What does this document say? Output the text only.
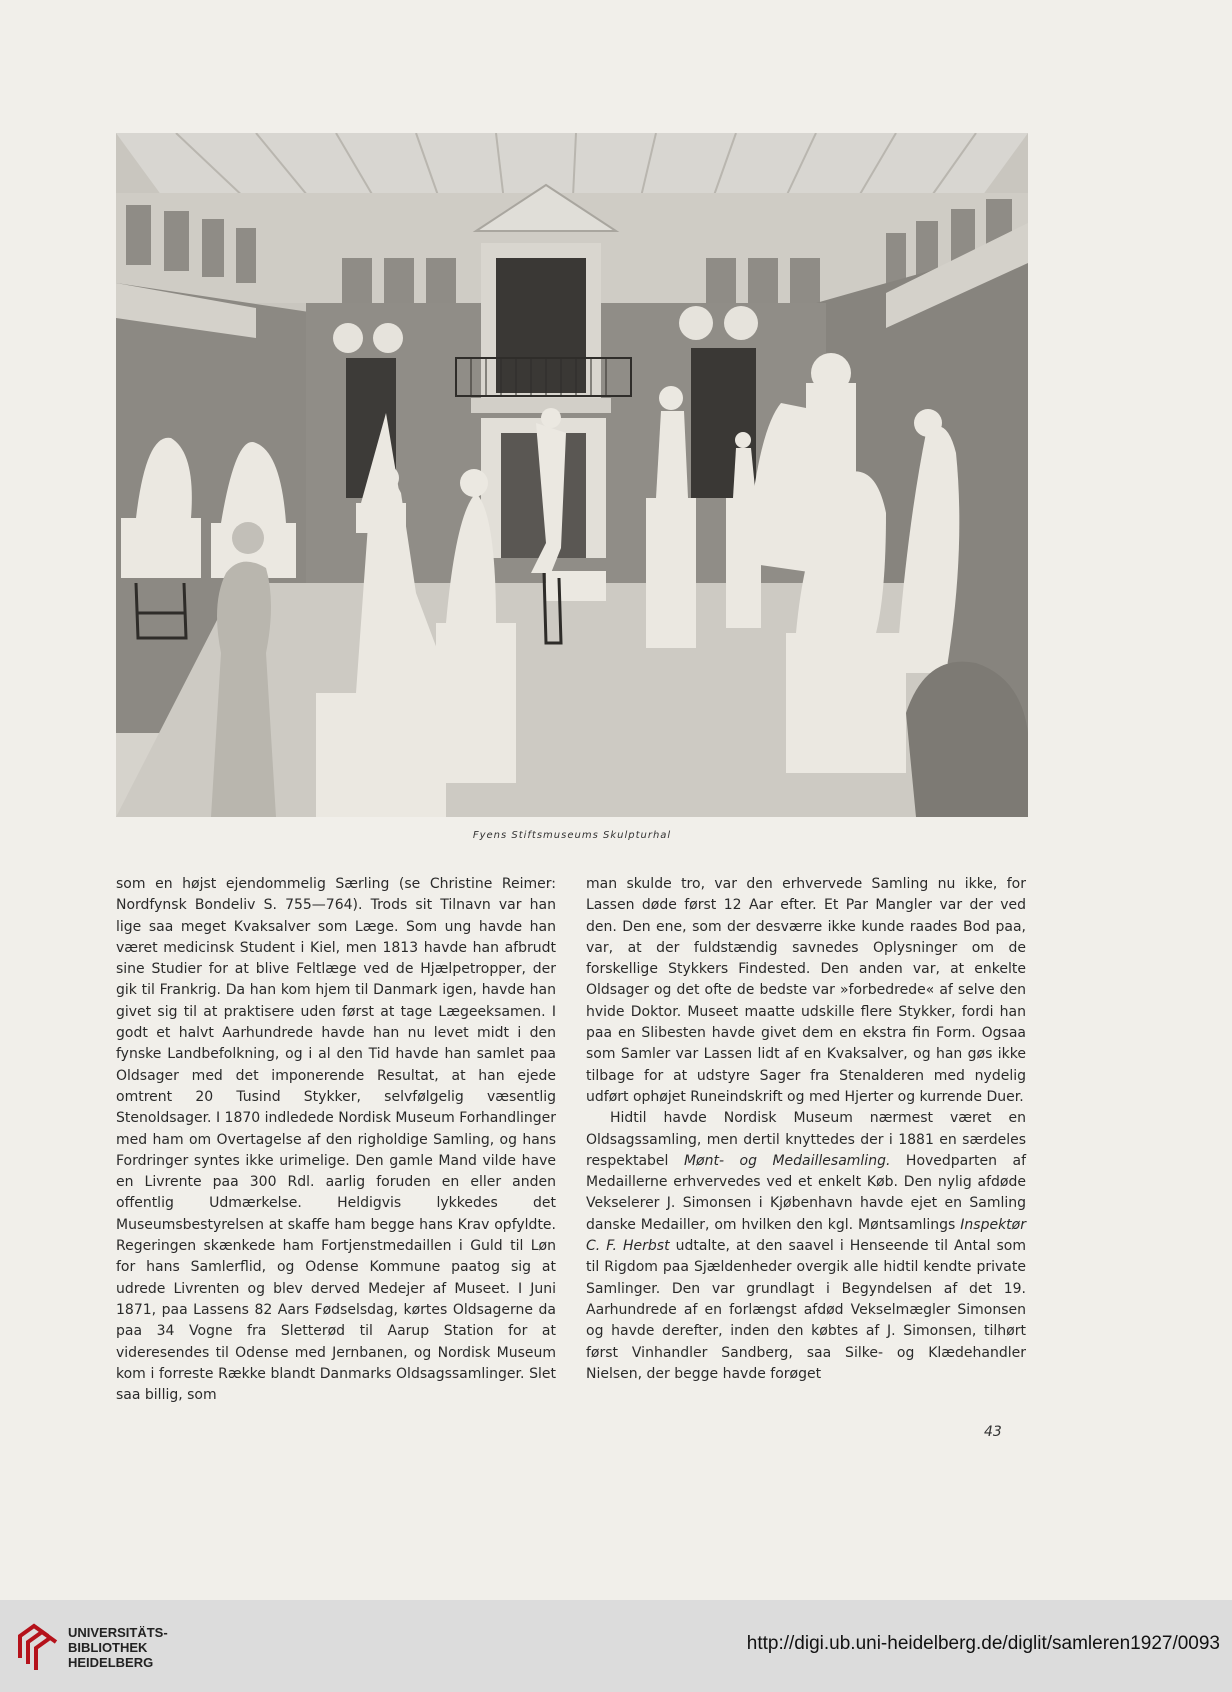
Fyens Stiftsmuseums Skulpturhal

som en højst ejendommelig Særling (se Christine Reimer: Nordfynsk Bondeliv S. 755—764). Trods sit Tilnavn var han lige saa meget Kvaksalver som Læge. Som ung havde han været medicinsk Student i Kiel, men 1813 havde han afbrudt sine Studier for at blive Feltlæge ved de Hjælpetropper, der gik til Frankrig. Da han kom hjem til Danmark igen, havde han givet sig til at praktisere uden først at tage Lægeeksamen. I godt et halvt Aarhundrede havde han nu levet midt i den fynske Landbefolkning, og i al den Tid havde han samlet paa Oldsager med det imponerende Resultat, at han ejede omtrent 20 Tusind Stykker, selvfølgelig væsentlig Stenoldsager. I 1870 indledede Nordisk Museum Forhandlinger med ham om Overtagelse af den righoldige Samling, og hans Fordringer syntes ikke urimelige. Den gamle Mand vilde have en Livrente paa 300 Rdl. aarlig foruden en eller anden offentlig Udmærkelse. Heldigvis lykkedes det Museumsbestyrelsen at skaffe ham begge hans Krav opfyldte. Regeringen skænkede ham Fortjenstmedaillen i Guld til Løn for hans Samlerflid, og Odense Kommune paatog sig at udrede Livrenten og blev derved Medejer af Museet. I Juni 1871, paa Lassens 82 Aars Fødselsdag, kørtes Oldsagerne da paa 34 Vogne fra Sletterød til Aarup Station for at videresendes til Odense med Jernbanen, og Nordisk Museum kom i forreste Række blandt Danmarks Oldsagssamlinger. Slet saa billig, som

man skulde tro, var den erhvervede Samling nu ikke, for Lassen døde først 12 Aar efter. Et Par Mangler var der ved den. Den ene, som der desværre ikke kunde raades Bod paa, var, at der fuldstændig savnedes Oplysninger om de forskellige Stykkers Findested. Den anden var, at enkelte Oldsager og det ofte de bedste var »forbedrede« af selve den hvide Doktor. Museet maatte udskille flere Stykker, fordi han paa en Slibesten havde givet dem en ekstra fin Form. Ogsaa som Samler var Lassen lidt af en Kvaksalver, og han gøs ikke tilbage for at udstyre Sager fra Stenalderen med nydelig udført ophøjet Runeindskrift og med Hjerter og kurrende Duer.

Hidtil havde Nordisk Museum nærmest været en Oldsagssamling, men dertil knyttedes der i 1881 en særdeles respektabel Mønt- og Medaillesamling. Hovedparten af Medaillerne erhvervedes ved et enkelt Køb. Den nylig afdøde Vekselerer J. Simonsen i Kjøbenhavn havde ejet en Samling danske Medailler, om hvilken den kgl. Møntsamlings Inspektør C. F. Herbst udtalte, at den saavel i Henseende til Antal som til Rigdom paa Sjældenheder overgik alle hidtil kendte private Samlinger. Den var grundlagt i Begyndelsen af det 19. Aarhundrede af en forlængst afdød Vekselmægler Simonsen og havde derefter, inden den købtes af J. Simonsen, tilhørt først Vinhandler Sandberg, saa Silke- og Klædehandler Nielsen, der begge havde forøget

43
UNIVERSITÄTS-
BIBLIOTHEK
HEIDELBERG
http://digi.ub.uni-heidelberg.de/diglit/samleren1927/0093
